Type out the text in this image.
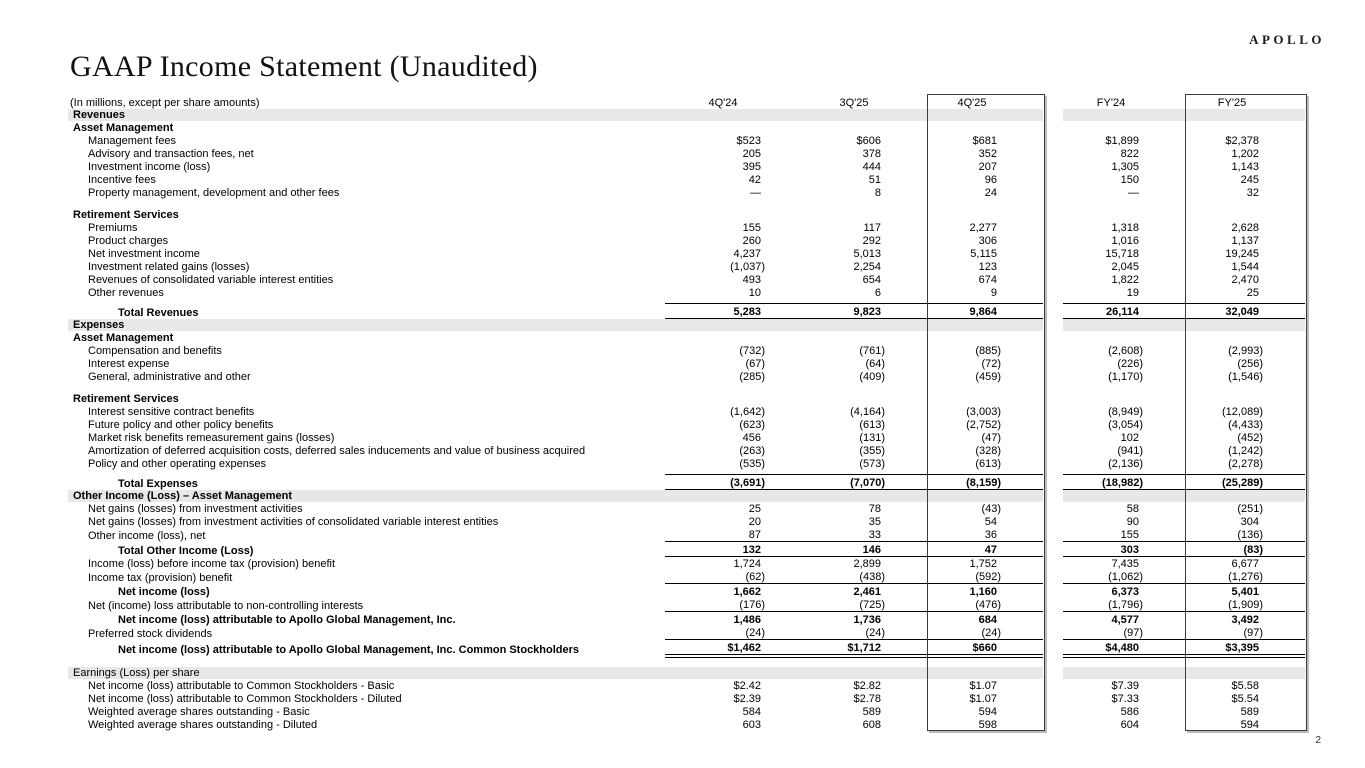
APOLLO
GAAP Income Statement (Unaudited)
(In millions, except per share amounts)	4Q'24	3Q'25	4Q'25		FY'24	FY'25
Revenues						
Asset Management						
Management fees	$523	$606	$681		$1,899	$2,378
Advisory and transaction fees, net	205	378	352		822	1,202
Investment income (loss)	395	444	207		1,305	1,143
Incentive fees	42	51	96		150	245
Property management, development and other fees	—	8	24		—	32

Retirement Services						
Premiums	155	117	2,277		1,318	2,628
Product charges	260	292	306		1,016	1,137
Net investment income	4,237	5,013	5,115		15,718	19,245
Investment related gains (losses)	(1,037)	2,254	123		2,045	1,544
Revenues of consolidated variable interest entities	493	654	674		1,822	2,470
Other revenues	10	6	9		19	25

Total Revenues	5,283	9,823	9,864		26,114	32,049
Expenses						
Asset Management						
Compensation and benefits	(732)	(761)	(885)		(2,608)	(2,993)
Interest expense	(67)	(64)	(72)		(226)	(256)
General, administrative and other	(285)	(409)	(459)		(1,170)	(1,546)

Retirement Services						
Interest sensitive contract benefits	(1,642)	(4,164)	(3,003)		(8,949)	(12,089)
Future policy and other policy benefits	(623)	(613)	(2,752)		(3,054)	(4,433)
Market risk benefits remeasurement gains (losses)	456	(131)	(47)		102	(452)
Amortization of deferred acquisition costs, deferred sales inducements and value of business acquired	(263)	(355)	(328)		(941)	(1,242)
Policy and other operating expenses	(535)	(573)	(613)		(2,136)	(2,278)

Total Expenses	(3,691)	(7,070)	(8,159)		(18,982)	(25,289)
Other Income (Loss) – Asset Management						
Net gains (losses) from investment activities	25	78	(43)		58	(251)
Net gains (losses) from investment activities of consolidated variable interest entities	20	35	54		90	304
Other income (loss), net	87	33	36		155	(136)
Total Other Income (Loss)	132	146	47		303	(83)
Income (loss) before income tax (provision) benefit	1,724	2,899	1,752		7,435	6,677
Income tax (provision) benefit	(62)	(438)	(592)		(1,062)	(1,276)
Net income (loss)	1,662	2,461	1,160		6,373	5,401
Net (income) loss attributable to non-controlling interests	(176)	(725)	(476)		(1,796)	(1,909)
Net income (loss) attributable to Apollo Global Management, Inc.	1,486	1,736	684		4,577	3,492
Preferred stock dividends	(24)	(24)	(24)		(97)	(97)
Net income (loss) attributable to Apollo Global Management, Inc. Common Stockholders	$1,462	$1,712	$660		$4,480	$3,395

Earnings (Loss) per share						
Net income (loss) attributable to Common Stockholders - Basic	$2.42	$2.82	$1.07		$7.39	$5.58
Net income (loss) attributable to Common Stockholders - Diluted	$2.39	$2.78	$1.07		$7.33	$5.54
Weighted average shares outstanding - Basic	584	589	594		586	589
Weighted average shares outstanding - Diluted	603	608	598		604	594
2
